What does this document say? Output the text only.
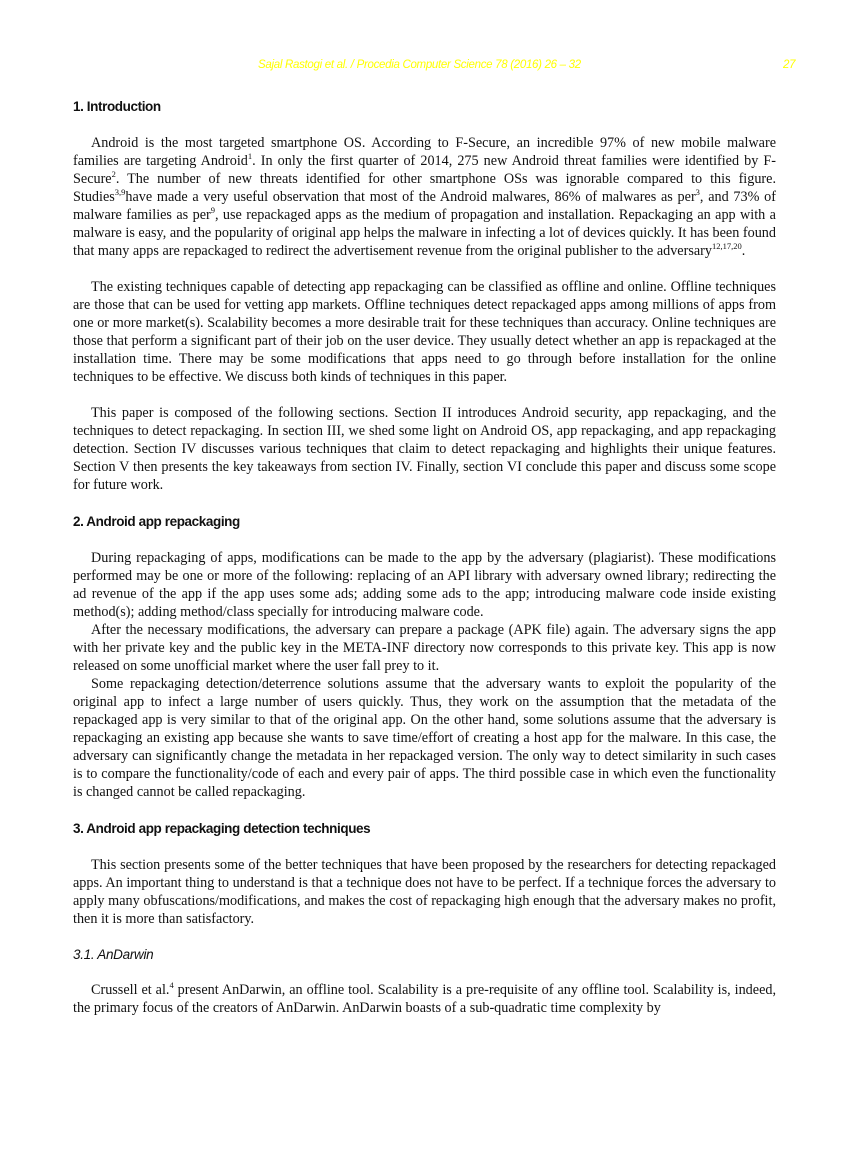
Sajal Rastogi et al. / Procedia Computer Science 78 (2016) 26 – 32	27
1. Introduction

Android is the most targeted smartphone OS. According to F-Secure, an incredible 97% of new mobile malware families are targeting Android$^1$. In only the first quarter of 2014, 275 new Android threat families were identified by F-Secure$^2$. The number of new threats identified for other smartphone OSs was ignorable compared to this figure. Studies$^{3,9}$have made a very useful observation that most of the Android malwares, 86% of malwares as per$^3$, and 73% of malware families as per$^9$, use repackaged apps as the medium of propagation and installation. Repackaging an app with a malware is easy, and the popularity of original app helps the malware in infecting a lot of devices quickly. It has been found that many apps are repackaged to redirect the advertisement revenue from the original publisher to the adversary$^{12,17,20}$.

The existing techniques capable of detecting app repackaging can be classified as offline and online. Offline techniques are those that can be used for vetting app markets. Offline techniques detect repackaged apps among millions of apps from one or more market(s). Scalability becomes a more desirable trait for these techniques than accuracy. Online techniques are those that perform a significant part of their job on the user device. They usually detect whether an app is repackaged at the installation time. There may be some modifications that apps need to go through before installation for the online techniques to be effective. We discuss both kinds of techniques in this paper.

This paper is composed of the following sections. Section II introduces Android security, app repackaging, and the techniques to detect repackaging. In section III, we shed some light on Android OS, app repackaging, and app repackaging detection. Section IV discusses various techniques that claim to detect repackaging and highlights their unique features. Section V then presents the key takeaways from section IV. Finally, section VI conclude this paper and discuss some scope for future work.

2. Android app repackaging

During repackaging of apps, modifications can be made to the app by the adversary (plagiarist). These modifications performed may be one or more of the following: replacing of an API library with adversary owned library; redirecting the ad revenue of the app if the app uses some ads; adding some ads to the app; introducing malware code inside existing method(s); adding method/class specially for introducing malware code.

After the necessary modifications, the adversary can prepare a package (APK file) again. The adversary signs the app with her private key and the public key in the META-INF directory now corresponds to this private key. This app is now released on some unofficial market where the user fall prey to it.

Some repackaging detection/deterrence solutions assume that the adversary wants to exploit the popularity of the original app to infect a large number of users quickly. Thus, they work on the assumption that the metadata of the repackaged app is very similar to that of the original app. On the other hand, some solutions assume that the adversary is repackaging an existing app because she wants to save time/effort of creating a host app for the malware. In this case, the adversary can significantly change the metadata in her repackaged version. The only way to detect similarity in such cases is to compare the functionality/code of each and every pair of apps. The third possible case in which even the functionality is changed cannot be called repackaging.

3. Android app repackaging detection techniques

This section presents some of the better techniques that have been proposed by the researchers for detecting repackaged apps. An important thing to understand is that a technique does not have to be perfect. If a technique forces the adversary to apply many obfuscations/modifications, and makes the cost of repackaging high enough that the adversary makes no profit, then it is more than satisfactory.

3.1. AnDarwin

Crussell et al.$^4$ present AnDarwin, an offline tool. Scalability is a pre-requisite of any offline tool. Scalability is, indeed, the primary focus of the creators of AnDarwin. AnDarwin boasts of a sub-quadratic time complexity by
